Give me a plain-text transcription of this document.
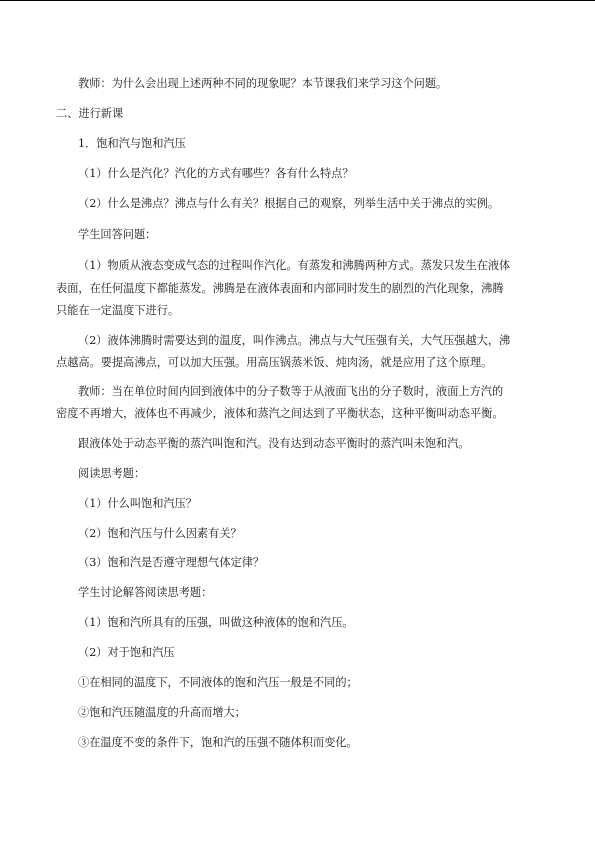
教师：为什么会出现上述两种不同的现象呢？本节课我们来学习这个问题。
二、进行新课
1．饱和汽与饱和汽压
（1）什么是汽化？汽化的方式有哪些？各有什么特点？
（2）什么是沸点？沸点与什么有关？根据自己的观察，列举生活中关于沸点的实例。
学生回答问题：
（1）物质从液态变成气态的过程叫作汽化。有蒸发和沸腾两种方式。蒸发只发生在液体
表面，在任何温度下都能蒸发。沸腾是在液体表面和内部同时发生的剧烈的汽化现象，沸腾
只能在一定温度下进行。
（2）液体沸腾时需要达到的温度，叫作沸点。沸点与大气压强有关，大气压强越大，沸
点越高。要提高沸点，可以加大压强。用高压锅蒸米饭、炖肉汤，就是应用了这个原理。
教师：当在单位时间内回到液体中的分子数等于从液面飞出的分子数时，液面上方汽的
密度不再增大，液体也不再减少，液体和蒸汽之间达到了平衡状态，这种平衡叫动态平衡。
跟液体处于动态平衡的蒸汽叫饱和汽。没有达到动态平衡时的蒸汽叫未饱和汽。
阅读思考题：
（1）什么叫饱和汽压？
（2）饱和汽压与什么因素有关？
（3）饱和汽是否遵守理想气体定律？
学生讨论解答阅读思考题：
（1）饱和汽所具有的压强，叫做这种液体的饱和汽压。
（2）对于饱和汽压
①在相同的温度下，不同液体的饱和汽压一般是不同的；
②饱和汽压随温度的升高而增大；
③在温度不变的条件下，饱和汽的压强不随体积而变化。
